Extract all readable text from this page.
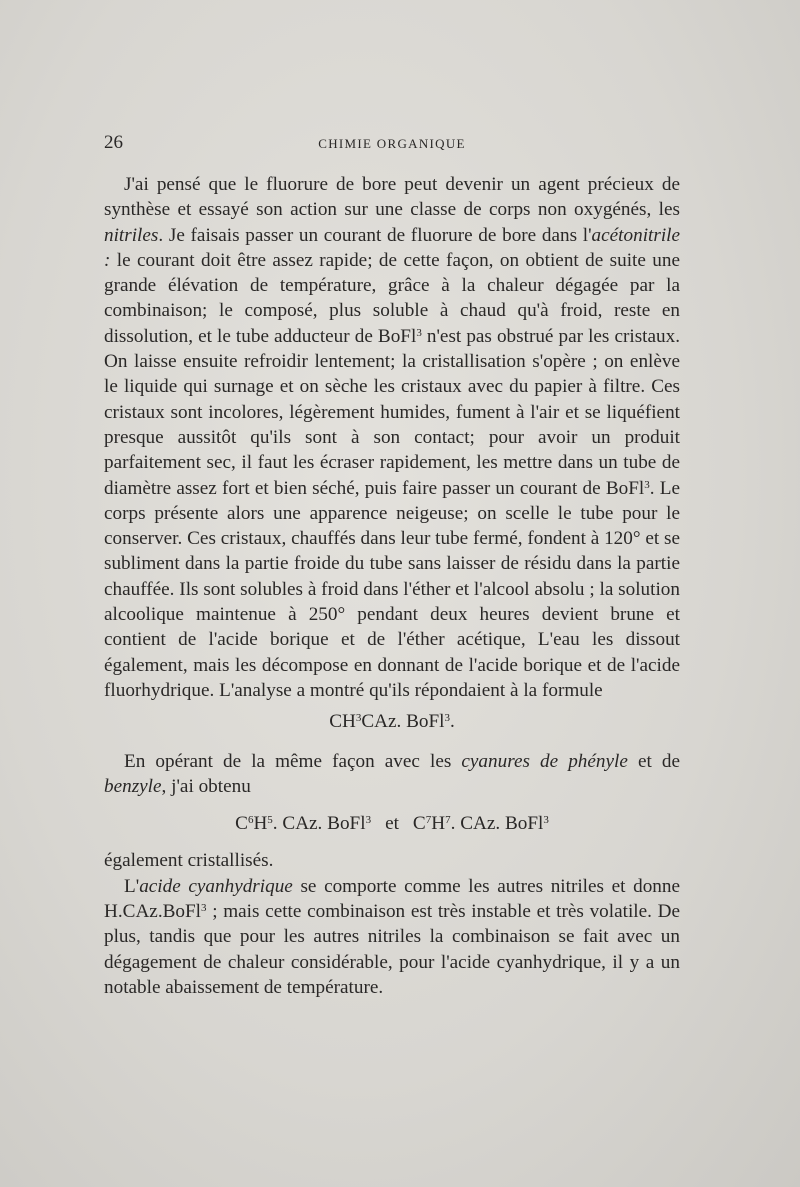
26	CHIMIE ORGANIQUE

J'ai pensé que le fluorure de bore peut devenir un agent précieux de synthèse et essayé son action sur une classe de corps non oxygénés, les nitriles. Je faisais passer un courant de fluorure de bore dans l'acétonitrile : le courant doit être assez rapide; de cette façon, on obtient de suite une grande élévation de température, grâce à la chaleur dégagée par la combinaison; le composé, plus soluble à chaud qu'à froid, reste en dissolution, et le tube adducteur de BoFl$^3$ n'est pas obstrué par les cristaux. On laisse ensuite refroidir lentement; la cristallisation s'opère ; on enlève le liquide qui surnage et on sèche les cristaux avec du papier à filtre. Ces cristaux sont incolores, légèrement humides, fument à l'air et se liquéfient presque aussitôt qu'ils sont à son contact; pour avoir un produit parfaitement sec, il faut les écraser rapidement, les mettre dans un tube de diamètre assez fort et bien séché, puis faire passer un courant de BoFl$^3$. Le corps présente alors une apparence neigeuse; on scelle le tube pour le conserver. Ces cristaux, chauffés dans leur tube fermé, fondent à 120° et se subliment dans la partie froide du tube sans laisser de résidu dans la partie chauffée. Ils sont solubles à froid dans l'éther et l'alcool absolu ; la solution alcoolique maintenue à 250° pendant deux heures devient brune et contient de l'acide borique et de l'éther acétique, L'eau les dissout également, mais les décompose en donnant de l'acide borique et de l'acide fluorhydrique. L'analyse a montré qu'ils répondaient à la formule

$CH^3CAz$. BoFl$^3$.

En opérant de la même façon avec les cyanures de phényle et de benzyle, j'ai obtenu

$C^6H^5$. CAz. BoFl$^3$ et $C^7H^7$. CAz. BoFl$^3$

également cristallisés.

L'acide cyanhydrique se comporte comme les autres nitriles et donne H.CAz.BoFl$^3$ ; mais cette combinaison est très instable et très volatile. De plus, tandis que pour les autres nitriles la combinaison se fait avec un dégagement de chaleur considérable, pour l'acide cyanhydrique, il y a un notable abaissement de température.
